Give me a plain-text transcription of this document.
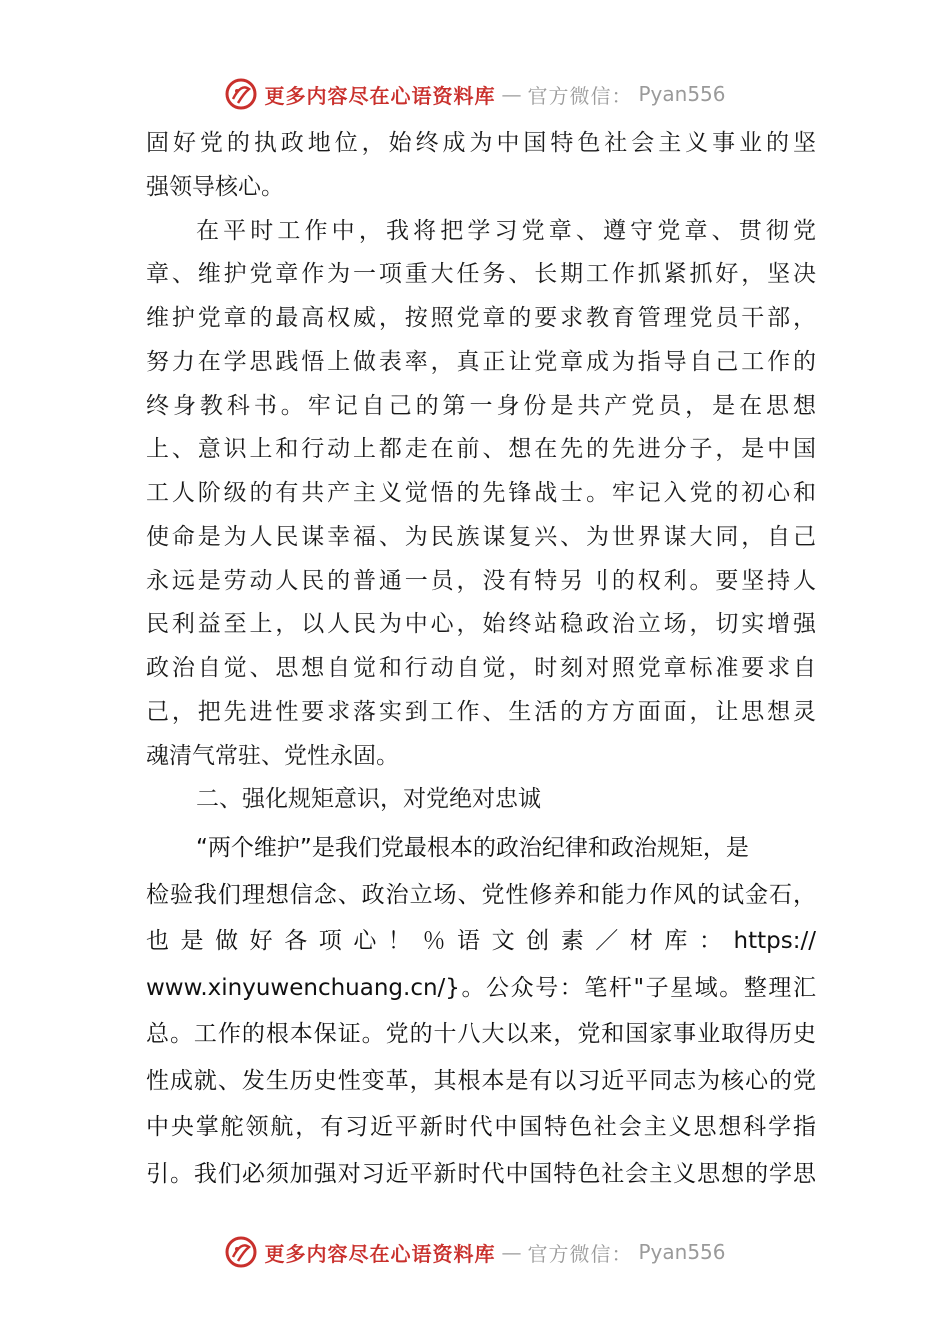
更多内容尽在心语资料库 — 官方微信： Pyan556
固好党的执政地位，始终成为中国特色社会主义事业的坚
强领导核心。
在平时工作中，我将把学习党章、遵守党章、贯彻党
章、维护党章作为一项重大任务、长期工作抓紧抓好，坚决
维护党章的最高权威，按照党章的要求教育管理党员干部，
努力在学思践悟上做表率，真正让党章成为指导自己工作的
终身教科书。牢记自己的第一身份是共产党员，是在思想
上、意识上和行动上都走在前、想在先的先进分子，是中国
工人阶级的有共产主义觉悟的先锋战士。牢记入党的初心和
使命是为人民谋幸福、为民族谋复兴、为世界谋大同，自己
永远是劳动人民的普通一员，没有特另刂的权利。要坚持人
民利益至上，以人民为中心，始终站稳政治立场，切实增强
政治自觉、思想自觉和行动自觉，时刻对照党章标准要求自
己，把先进性要求落实到工作、生活的方方面面，让思想灵
魂清气常驻、党性永固。
二、强化规矩意识，对党绝对忠诚
“两个维护”是我们党最根本的政治纪律和政治规矩，是
检验我们理想信念、政治立场、党性修养和能力作风的试金石，
也是做好各项心！％语文创素／材库：https://
www.xinyuwenchuang.cn/}。公众号：笔杆"子星域。整理汇
总。工作的根本保证。党的十八大以来，党和国家事业取得历史
性成就、发生历史性变革，其根本是有以习近平同志为核心的党
中央掌舵领航，有习近平新时代中国特色社会主义思想科学指
引。我们必须加强对习近平新时代中国特色社会主义思想的学思
更多内容尽在心语资料库 — 官方微信： Pyan556
